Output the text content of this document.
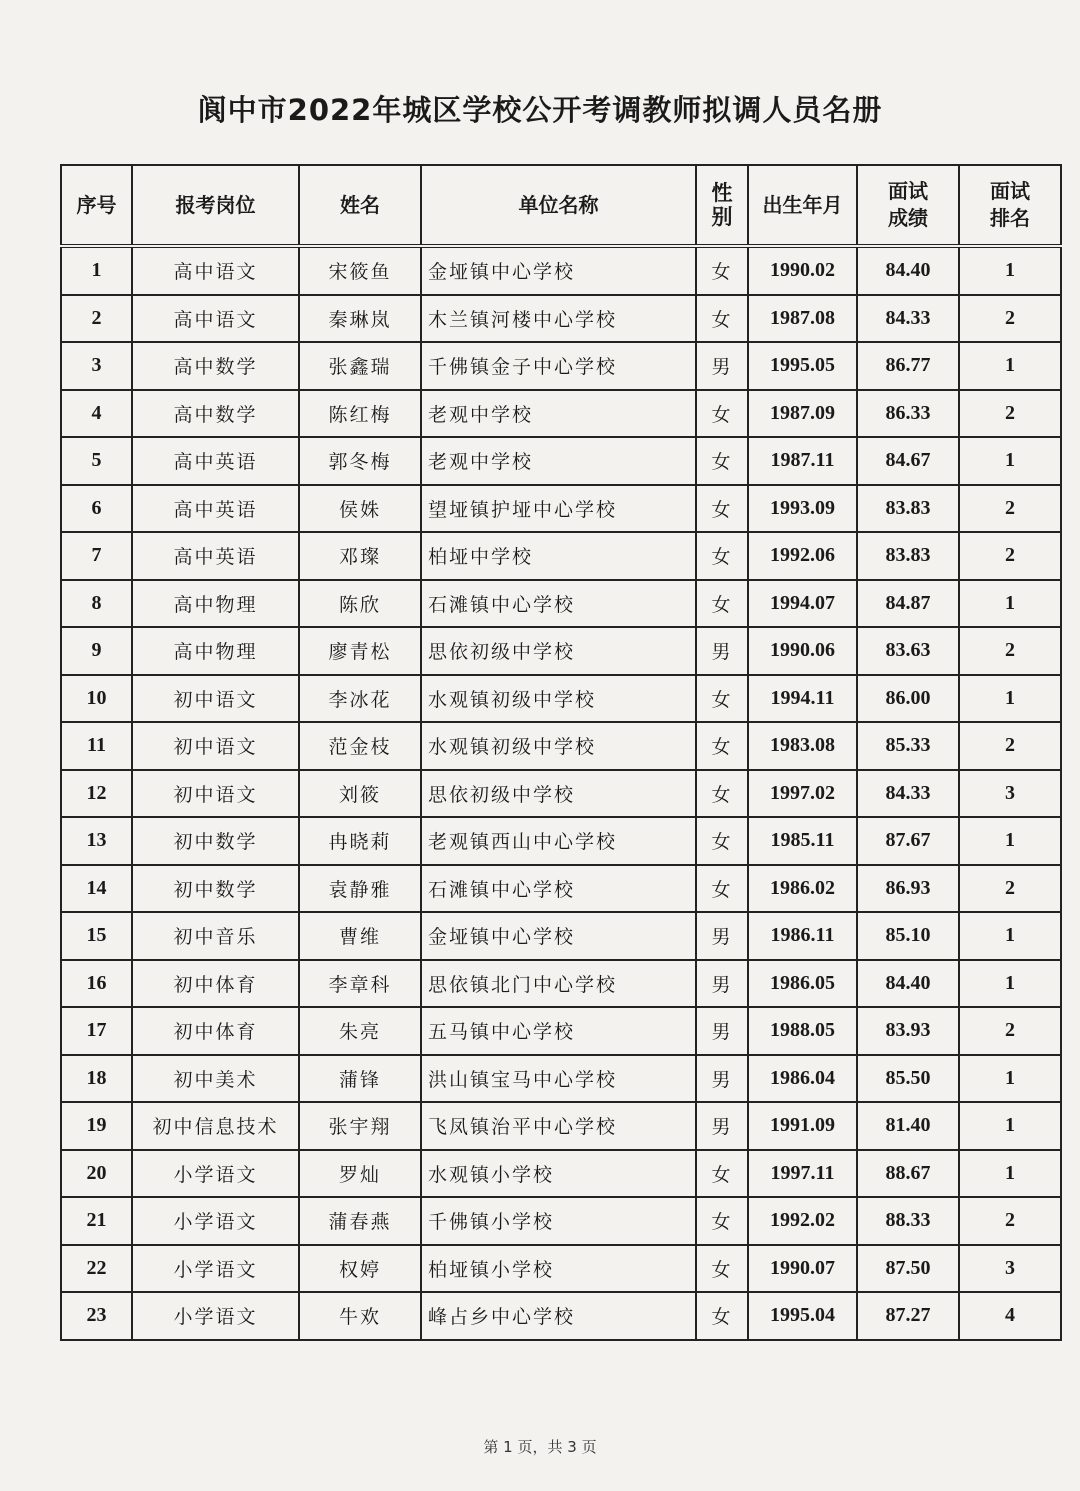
阆中市2022年城区学校公开考调教师拟调人员名册
序号	报考岗位	姓名	单位名称	性别	出生年月	面试成绩	面试排名
1	高中语文	宋筱鱼	金垭镇中心学校	女	1990.02	84.40	1
2	高中语文	秦琳岚	木兰镇河楼中心学校	女	1987.08	84.33	2
3	高中数学	张鑫瑞	千佛镇金子中心学校	男	1995.05	86.77	1
4	高中数学	陈红梅	老观中学校	女	1987.09	86.33	2
5	高中英语	郭冬梅	老观中学校	女	1987.11	84.67	1
6	高中英语	侯姝	望垭镇护垭中心学校	女	1993.09	83.83	2
7	高中英语	邓璨	柏垭中学校	女	1992.06	83.83	2
8	高中物理	陈欣	石滩镇中心学校	女	1994.07	84.87	1
9	高中物理	廖青松	思依初级中学校	男	1990.06	83.63	2
10	初中语文	李冰花	水观镇初级中学校	女	1994.11	86.00	1
11	初中语文	范金枝	水观镇初级中学校	女	1983.08	85.33	2
12	初中语文	刘筱	思依初级中学校	女	1997.02	84.33	3
13	初中数学	冉晓莉	老观镇西山中心学校	女	1985.11	87.67	1
14	初中数学	袁静雅	石滩镇中心学校	女	1986.02	86.93	2
15	初中音乐	曹维	金垭镇中心学校	男	1986.11	85.10	1
16	初中体育	李章科	思依镇北门中心学校	男	1986.05	84.40	1
17	初中体育	朱亮	五马镇中心学校	男	1988.05	83.93	2
18	初中美术	蒲锋	洪山镇宝马中心学校	男	1986.04	85.50	1
19	初中信息技术	张宇翔	飞凤镇治平中心学校	男	1991.09	81.40	1
20	小学语文	罗灿	水观镇小学校	女	1997.11	88.67	1
21	小学语文	蒲春燕	千佛镇小学校	女	1992.02	88.33	2
22	小学语文	权婷	柏垭镇小学校	女	1990.07	87.50	3
23	小学语文	牛欢	峰占乡中心学校	女	1995.04	87.27	4
第 1 页，共 3 页
